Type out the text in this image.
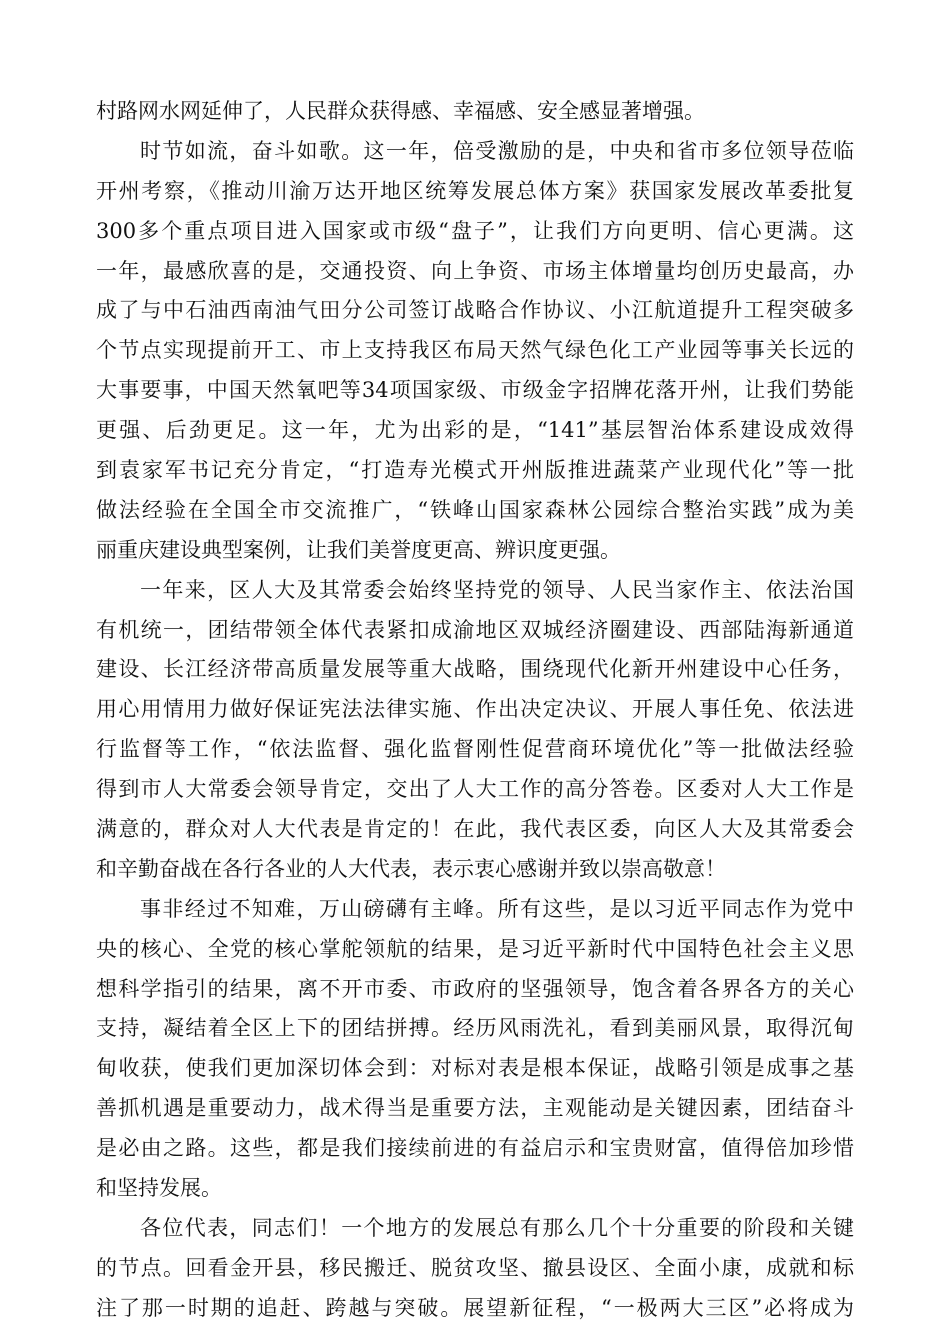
村路网水网延伸了，人民群众获得感、幸福感、安全感显著增强。
时节如流，奋斗如歌。这一年，倍受激励的是，中央和省市多位领导莅临
开州考察，《推动川渝万达开地区统筹发展总体方案》获国家发展改革委批复
300多个重点项目进入国家或市级“盘子”，让我们方向更明、信心更满。这
一年，最感欣喜的是，交通投资、向上争资、市场主体增量均创历史最高，办
成了与中石油西南油气田分公司签订战略合作协议、小江航道提升工程突破多
个节点实现提前开工、市上支持我区布局天然气绿色化工产业园等事关长远的
大事要事，中国天然氧吧等34项国家级、市级金字招牌花落开州，让我们势能
更强、后劲更足。这一年，尤为出彩的是，“141”基层智治体系建设成效得
到袁家军书记充分肯定，“打造寿光模式开州版推进蔬菜产业现代化”等一批
做法经验在全国全市交流推广，“铁峰山国家森林公园综合整治实践”成为美
丽重庆建设典型案例，让我们美誉度更高、辨识度更强。
一年来，区人大及其常委会始终坚持党的领导、人民当家作主、依法治国
有机统一，团结带领全体代表紧扣成渝地区双城经济圈建设、西部陆海新通道
建设、长江经济带高质量发展等重大战略，围绕现代化新开州建设中心任务，
用心用情用力做好保证宪法法律实施、作出决定决议、开展人事任免、依法进
行监督等工作，“依法监督、强化监督刚性促营商环境优化”等一批做法经验
得到市人大常委会领导肯定，交出了人大工作的高分答卷。区委对人大工作是
满意的，群众对人大代表是肯定的！在此，我代表区委，向区人大及其常委会
和辛勤奋战在各行各业的人大代表，表示衷心感谢并致以崇高敬意！
事非经过不知难，万山磅礴有主峰。所有这些，是以习近平同志作为党中
央的核心、全党的核心掌舵领航的结果，是习近平新时代中国特色社会主义思
想科学指引的结果，离不开市委、市政府的坚强领导，饱含着各界各方的关心
支持，凝结着全区上下的团结拼搏。经历风雨洗礼，看到美丽风景，取得沉甸
甸收获，使我们更加深切体会到：对标对表是根本保证，战略引领是成事之基
善抓机遇是重要动力，战术得当是重要方法，主观能动是关键因素，团结奋斗
是必由之路。这些，都是我们接续前进的有益启示和宝贵财富，值得倍加珍惜
和坚持发展。
各位代表，同志们！一个地方的发展总有那么几个十分重要的阶段和关键
的节点。回看金开县，移民搬迁、脱贫攻坚、撤县设区、全面小康，成就和标
注了那一时期的追赶、跨越与突破。展望新征程，“一极两大三区”必将成为
